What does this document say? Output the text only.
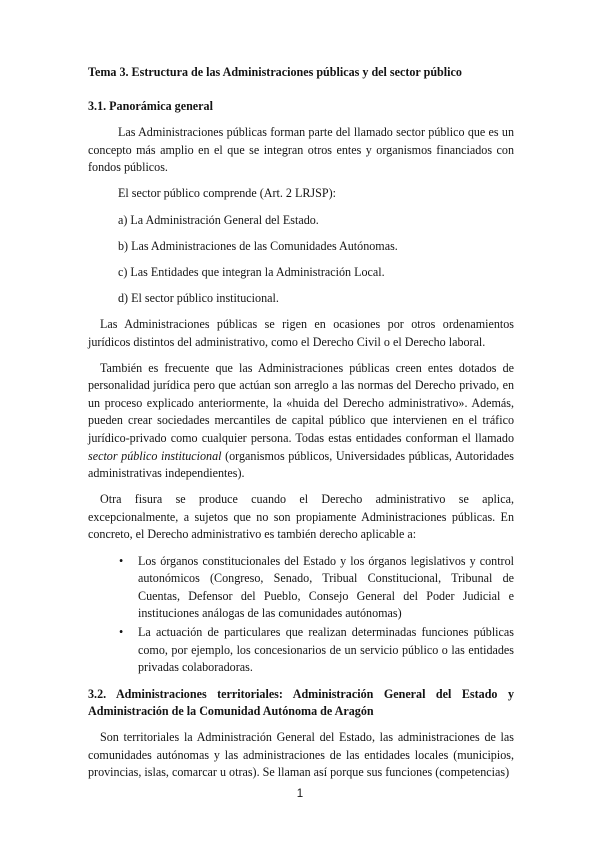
Tema 3. Estructura de las Administraciones públicas y del sector público
3.1. Panorámica general

Las Administraciones públicas forman parte del llamado sector público que es un concepto más amplio en el que se integran otros entes y organismos financiados con fondos públicos.

El sector público comprende (Art. 2 LRJSP):

a) La Administración General del Estado.

b) Las Administraciones de las Comunidades Autónomas.

c) Las Entidades que integran la Administración Local.

d) El sector público institucional.

Las Administraciones públicas se rigen en ocasiones por otros ordenamientos jurídicos distintos del administrativo, como el Derecho Civil o el Derecho laboral.

También es frecuente que las Administraciones públicas creen entes dotados de personalidad jurídica pero que actúan son arreglo a las normas del Derecho privado, en un proceso explicado anteriormente, la «huida del Derecho administrativo». Además, pueden crear sociedades mercantiles de capital público que intervienen en el tráfico jurídico-privado como cualquier persona. Todas estas entidades conforman el llamado sector público institucional (organismos públicos, Universidades públicas, Autoridades administrativas independientes).

Otra fisura se produce cuando el Derecho administrativo se aplica, excepcionalmente, a sujetos que no son propiamente Administraciones públicas. En concreto, el Derecho administrativo es también derecho aplicable a:

• Los órganos constitucionales del Estado y los órganos legislativos y control autonómicos (Congreso, Senado, Tribual Constitucional, Tribunal de Cuentas, Defensor del Pueblo, Consejo General del Poder Judicial e instituciones análogas de las comunidades autónomas)
• La actuación de particulares que realizan determinadas funciones públicas como, por ejemplo, los concesionarios de un servicio público o las entidades privadas colaboradoras.
3.2. Administraciones territoriales: Administración General del Estado y Administración de la Comunidad Autónoma de Aragón

Son territoriales la Administración General del Estado, las administraciones de las comunidades autónomas y las administraciones de las entidades locales (municipios, provincias, islas, comarcar u otras). Se llaman así porque sus funciones (competencias)

1
